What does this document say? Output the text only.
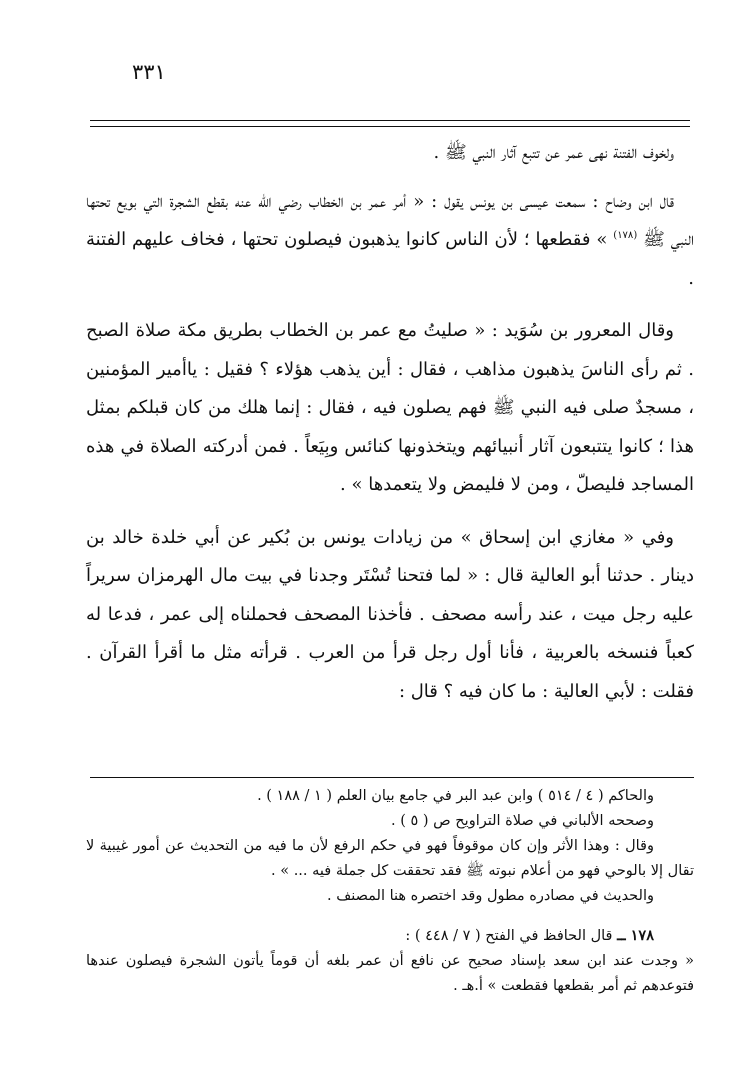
٣٣١

ولخوف الفتنة نهى عمر عن تتبع آثار النبي ﷺ .

قال ابن وضاح : سمعت عيسى بن يونس يقول : « أمر عمر بن الخطاب رضي الله عنه بقطع الشجرة التي بويع تحتها النبي ﷺ $^{(١٧٨)}$ » فقطعها ؛ لأن الناس كانوا يذهبون فيصلون تحتها ، فخاف عليهم الفتنة .

وقال المعرور بن سُوَيد : « صليتُ مع عمر بن الخطاب بطريق مكة صلاة الصبح . ثم رأى الناسَ يذهبون مذاهب ، فقال : أين يذهب هؤلاء ؟ فقيل : ياأمير المؤمنين ، مسجدٌ صلى فيه النبي ﷺ فهم يصلون فيه ، فقال : إنما هلك من كان قبلكم بمثل هذا ؛ كانوا يتتبعون آثار أنبيائهم ويتخذونها كنائس وبِيَعاً . فمن أدركته الصلاة في هذه المساجد فليصلّ ، ومن لا فليمض ولا يتعمدها » .

وفي « مغازي ابن إسحاق » من زيادات يونس بن بُكير عن أبي خلدة خالد بن دينار . حدثنا أبو العالية قال : « لما فتحنا تُسْتَر وجدنا في بيت مال الهرمزان سريراً عليه رجل ميت ، عند رأسه مصحف . فأخذنا المصحف فحملناه إلى عمر ، فدعا له كعباً فنسخه بالعربية ، فأنا أول رجل قرأ من العرب . قرأته مثل ما أقرأ القرآن . فقلت : لأبي العالية : ما كان فيه ؟ قال :

والحاكم ( ٤ / ٥١٤ ) وابن عبد البر في جامع بيان العلم ( ١ / ١٨٨ ) .

وصححه الألباني في صلاة التراويح ص ( ٥ ) .

وقال : وهذا الأثر وإن كان موقوفاً فهو في حكم الرفع لأن ما فيه من التحديث عن أمور غيبية لا تقال إلا بالوحي فهو من أعلام نبوته ﷺ فقد تحققت كل جملة فيه ... » .

والحديث في مصادره مطول وقد اختصره هنا المصنف .

١٧٨ ــ قال الحافظ في الفتح ( ٧ / ٤٤٨ ) :

« وجدت عند ابن سعد بإسناد صحيح عن نافع أن عمر بلغه أن قوماً يأتون الشجرة فيصلون عندها فتوعدهم ثم أمر بقطعها فقطعت » أ.هـ .
